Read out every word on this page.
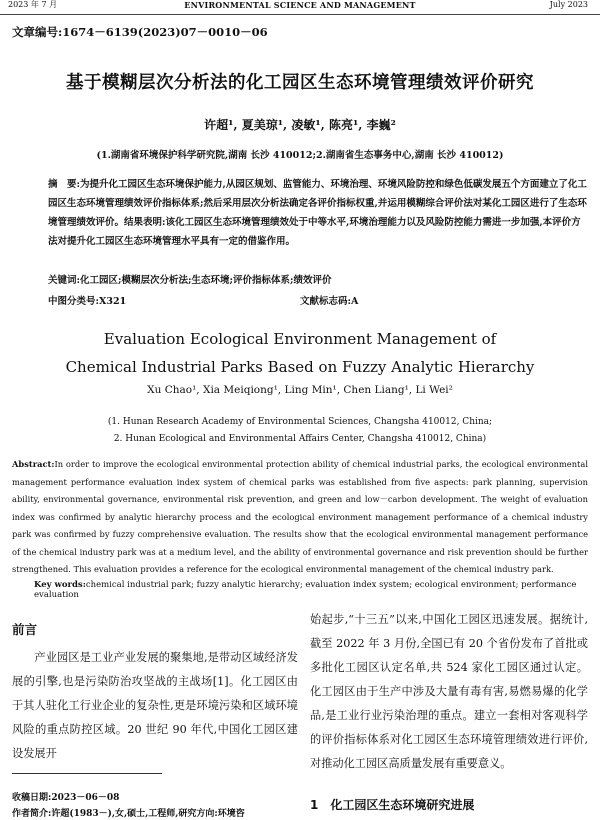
2023 年 7 月	ENVIRONMENTAL SCIENCE AND MANAGEMENT	July 2023
文章编号:1674－6139(2023)07－0010－06
基于模糊层次分析法的化工园区生态环境管理绩效评价研究
许超¹, 夏美琼¹, 凌敏¹, 陈亮¹, 李巍²
(1.湖南省环境保护科学研究院,湖南 长沙 410012;2.湖南省生态事务中心,湖南 长沙 410012)
摘　要:为提升化工园区生态环境保护能力,从园区规划、监管能力、环境治理、环境风险防控和绿色低碳发展五个方面建立了化工园区生态环境管理绩效评价指标体系;然后采用层次分析法确定各评价指标权重,并运用模糊综合评价法对某化工园区进行了生态环境管理绩效评价。结果表明:该化工园区生态环境管理绩效处于中等水平,环境治理能力以及风险防控能力需进一步加强,本评价方法对提升化工园区生态环境管理水平具有一定的借鉴作用。
关键词:化工园区;模糊层次分析法;生态环境;评价指标体系;绩效评价
中图分类号:X321	文献标志码:A
Evaluation Ecological Environment Management of
Chemical Industrial Parks Based on Fuzzy Analytic Hierarchy
Xu Chao¹, Xia Meiqiong¹, Ling Min¹, Chen Liang¹, Li Wei²
(1. Hunan Research Academy of Environmental Sciences, Changsha 410012, China;
2. Hunan Ecological and Environmental Affairs Center, Changsha 410012, China)
Abstract:In order to improve the ecological environmental protection ability of chemical industrial parks, the ecological environmental management performance evaluation index system of chemical parks was established from five aspects: park planning, supervision ability, environmental governance, environmental risk prevention, and green and low－carbon development. The weight of evaluation index was confirmed by analytic hierarchy process and the ecological environment management performance of a chemical industry park was confirmed by fuzzy comprehensive evaluation. The results show that the ecological environmental management performance of the chemical industry park was at a medium level, and the ability of environmental governance and risk prevention should be further strengthened. This evaluation provides a reference for the ecological environmental management of the chemical industry park.
Key words:chemical industrial park; fuzzy analytic hierarchy; evaluation index system; ecological environment; performance evaluation
前言
产业园区是工业产业发展的聚集地,是带动区域经济发展的引擎,也是污染防治攻坚战的主战场[1]。化工园区由于其人驻化工行业企业的复杂性,更是环境污染和区域环境风险的重点防控区域。20 世纪 90 年代,中国化工园区建设发展开
始起步,“十三五”以来,中国化工园区迅速发展。据统计,截至 2022 年 3 月份,全国已有 20 个省份发布了首批或多批化工园区认定名单,共 524 家化工园区通过认定。化工园区由于生产中涉及大量有毒有害,易燃易爆的化学品,是工业行业污染治理的重点。建立一套相对客观科学的评价指标体系对化工园区生态环境管理绩效进行评价,对推动化工园区高质量发展有重要意义。
收稿日期:2023－06－08
作者简介:许超(1983－),女,硕士,工程师,研究方向:环境咨
1　化工园区生态环境研究进展
